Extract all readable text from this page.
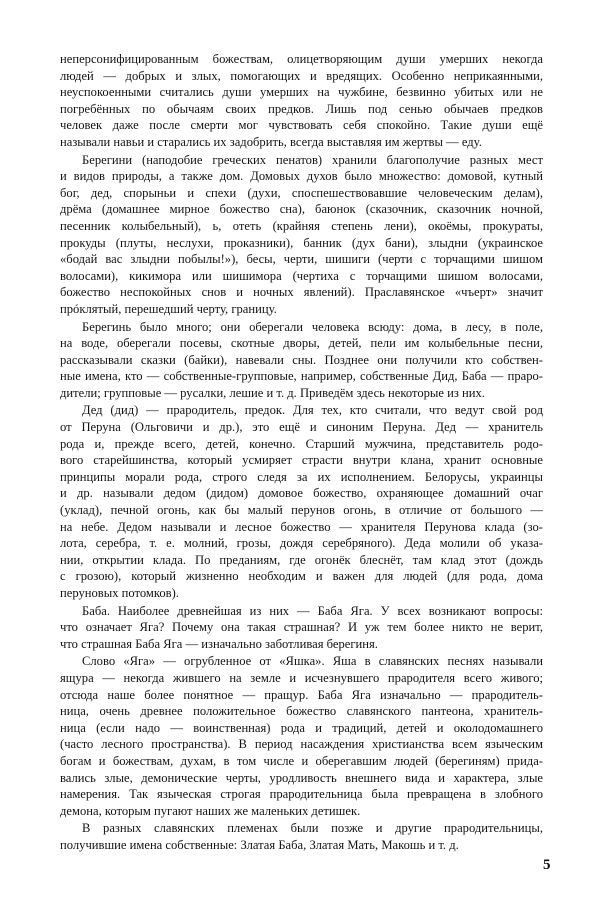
неперсонифицированным божествам, олицетворяющим души умерших некогда
людей — добрых и злых, помогающих и вредящих. Особенно неприкаянными,
неуспокоенными считались души умерших на чужбине, безвинно убитых или не
погребённых по обычаям своих предков. Лишь под сенью обычаев предков
человек даже после смерти мог чувствовать себя спокойно. Такие души ещё
называли навьи и старались их задобрить, всегда выставляя им жертвы — еду.
Берегини (наподобие греческих пенатов) хранили благополучие разных мест
и видов природы, а также дом. Домовых духов было множество: домовой, кутный
бог, дед, спорыньи и спехи (духи, споспешествовавшие человеческим делам),
дрёма (домашнее мирное божество сна), баюнок (сказочник, сказочник ночной,
песенник колыбельный), ь, отеть (крайняя степень лени), окоёмы, прокураты,
прокуды (плуты, неслухи, проказники), банник (дух бани), злыдни (украинское
«бодай вас злыдни побылы!»), бесы, черти, шишиги (черти с торчащими шишом
волосами), кикимора или шишимора (чертиха с торчащими шишом волосами,
божество неспокойных снов и ночных явлений). Праславянское «чъерт» значит
прóклятый, перешедший черту, границу.
Берегинь было много; они оберегали человека всюду: дома, в лесу, в поле,
на воде, оберегали посевы, скотные дворы, детей, пели им колыбельные песни,
рассказывали сказки (байки), навевали сны. Позднее они получили кто собствен-
ные имена, кто — собственные-групповые, например, собственные Дид, Баба — праро-
дители; групповые — русалки, лешие и т. д. Приведём здесь некоторые из них.
Дед (дид) — прародитель, предок. Для тех, кто считали, что ведут свой род
от Перуна (Ольговичи и др.), это ещё и синоним Перуна. Дед — хранитель
рода и, прежде всего, детей, конечно. Старший мужчина, представитель родо-
вого старейшинства, который усмиряет страсти внутри клана, хранит основные
принципы морали рода, строго следя за их исполнением. Белорусы, украинцы
и др. называли дедом (дидом) домовое божество, охраняющее домашний очаг
(уклад), печной огонь, как бы малый перунов огонь, в отличие от большого —
на небе. Дедом называли и лесное божество — хранителя Перунова клада (зо-
лота, серебра, т. е. молний, грозы, дождя серебряного). Деда молили об указа-
нии, открытии клада. По преданиям, где огонёк блеснёт, там клад этот (дождь
с грозою), который жизненно необходим и важен для людей (для рода, дома
перуновых потомков).
Баба. Наиболее древнейшая из них — Баба Яга. У всех возникают вопросы:
что означает Яга? Почему она такая страшная? И уж тем более никто не верит,
что страшная Баба Яга — изначально заботливая берегиня.
Слово «Яга» — огрубленное от «Яшка». Яша в славянских песнях называли
ящура — некогда жившего на земле и исчезнувшего прародителя всего живого;
отсюда наше более понятное — пращур. Баба Яга изначально — прародитель-
ница, очень древнее положительное божество славянского пантеона, хранитель-
ница (если надо — воинственная) рода и традиций, детей и околодомашнего
(часто лесного пространства). В период насаждения христианства всем языческим
богам и божествам, духам, в том числе и оберегавшим людей (берегиням) прида-
вались злые, демонические черты, уродливость внешнего вида и характера, злые
намерения. Так языческая строгая прародительница была превращена в злобного
демона, которым пугают наших же маленьких детишек.
В разных славянских племенах были позже и другие прародительницы,
получившие имена собственные: Златая Баба, Златая Мать, Макошь и т. д.
5
